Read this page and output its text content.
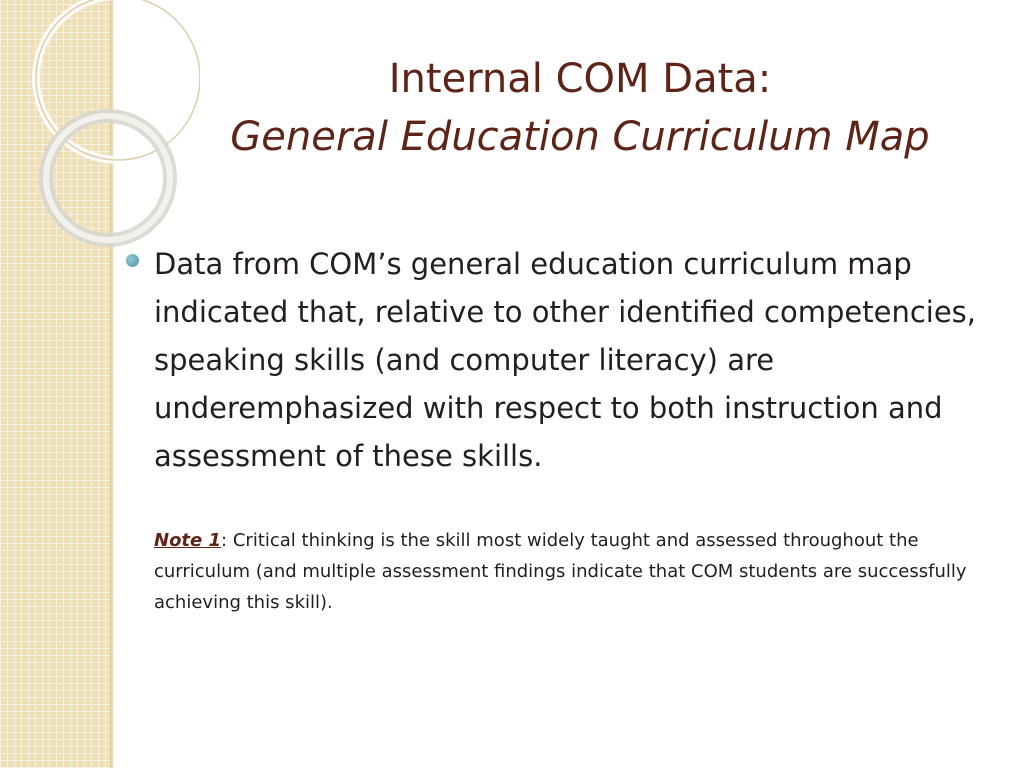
Internal COM Data:
General Education Curriculum Map
Data from COM’s general education curriculum map indicated that, relative to other identified competencies, speaking skills (and computer literacy) are underemphasized with respect to both instruction and assessment of these skills.
Note 1: Critical thinking is the skill most widely taught and assessed throughout the curriculum (and multiple assessment findings indicate that COM students are successfully achieving this skill).
